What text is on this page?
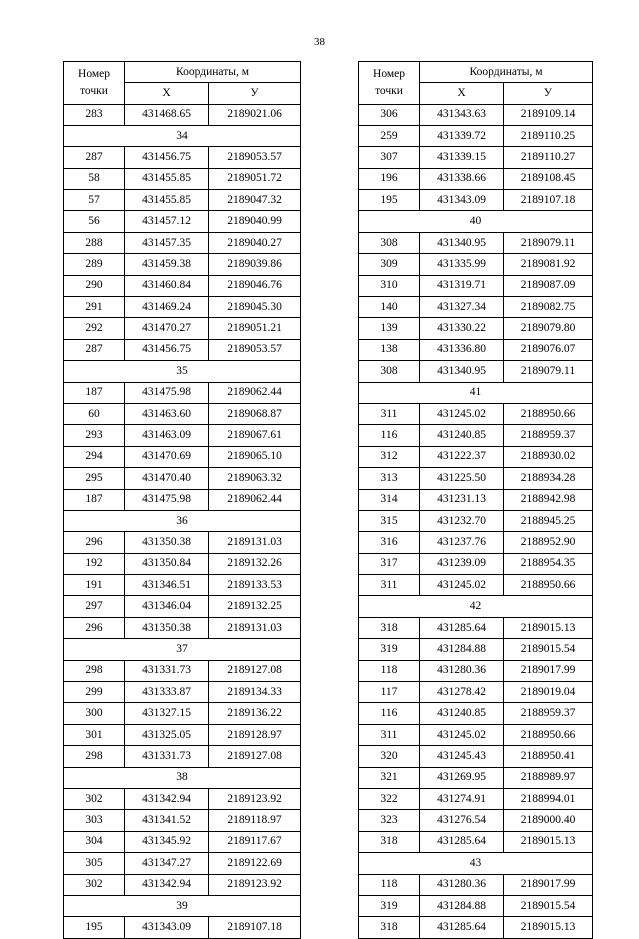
38
Номер
точки	Координаты, м	
	X	У
283	431468.65	2189021.06
34		
287	431456.75	2189053.57
58	431455.85	2189051.72
57	431455.85	2189047.32
56	431457.12	2189040.99
288	431457.35	2189040.27
289	431459.38	2189039.86
290	431460.84	2189046.76
291	431469.24	2189045.30
292	431470.27	2189051.21
287	431456.75	2189053.57
35		
187	431475.98	2189062.44
60	431463.60	2189068.87
293	431463.09	2189067.61
294	431470.69	2189065.10
295	431470.40	2189063.32
187	431475.98	2189062.44
36		
296	431350.38	2189131.03
192	431350.84	2189132.26
191	431346.51	2189133.53
297	431346.04	2189132.25
296	431350.38	2189131.03
37		
298	431331.73	2189127.08
299	431333.87	2189134.33
300	431327.15	2189136.22
301	431325.05	2189128.97
298	431331.73	2189127.08
38		
302	431342.94	2189123.92
303	431341.52	2189118.97
304	431345.92	2189117.67
305	431347.27	2189122.69
302	431342.94	2189123.92
39		
195	431343.09	2189107.18
Номер
точки	Координаты, м	
	X	У
306	431343.63	2189109.14
259	431339.72	2189110.25
307	431339.15	2189110.27
196	431338.66	2189108.45
195	431343.09	2189107.18
40		
308	431340.95	2189079.11
309	431335.99	2189081.92
310	431319.71	2189087.09
140	431327.34	2189082.75
139	431330.22	2189079.80
138	431336.80	2189076.07
308	431340.95	2189079.11
41		
311	431245.02	2188950.66
116	431240.85	2188959.37
312	431222.37	2188930.02
313	431225.50	2188934.28
314	431231.13	2188942.98
315	431232.70	2188945.25
316	431237.76	2188952.90
317	431239.09	2188954.35
311	431245.02	2188950.66
42		
318	431285.64	2189015.13
319	431284.88	2189015.54
118	431280.36	2189017.99
117	431278.42	2189019.04
116	431240.85	2188959.37
311	431245.02	2188950.66
320	431245.43	2188950.41
321	431269.95	2188989.97
322	431274.91	2188994.01
323	431276.54	2189000.40
318	431285.64	2189015.13
43		
118	431280.36	2189017.99
319	431284.88	2189015.54
318	431285.64	2189015.13
